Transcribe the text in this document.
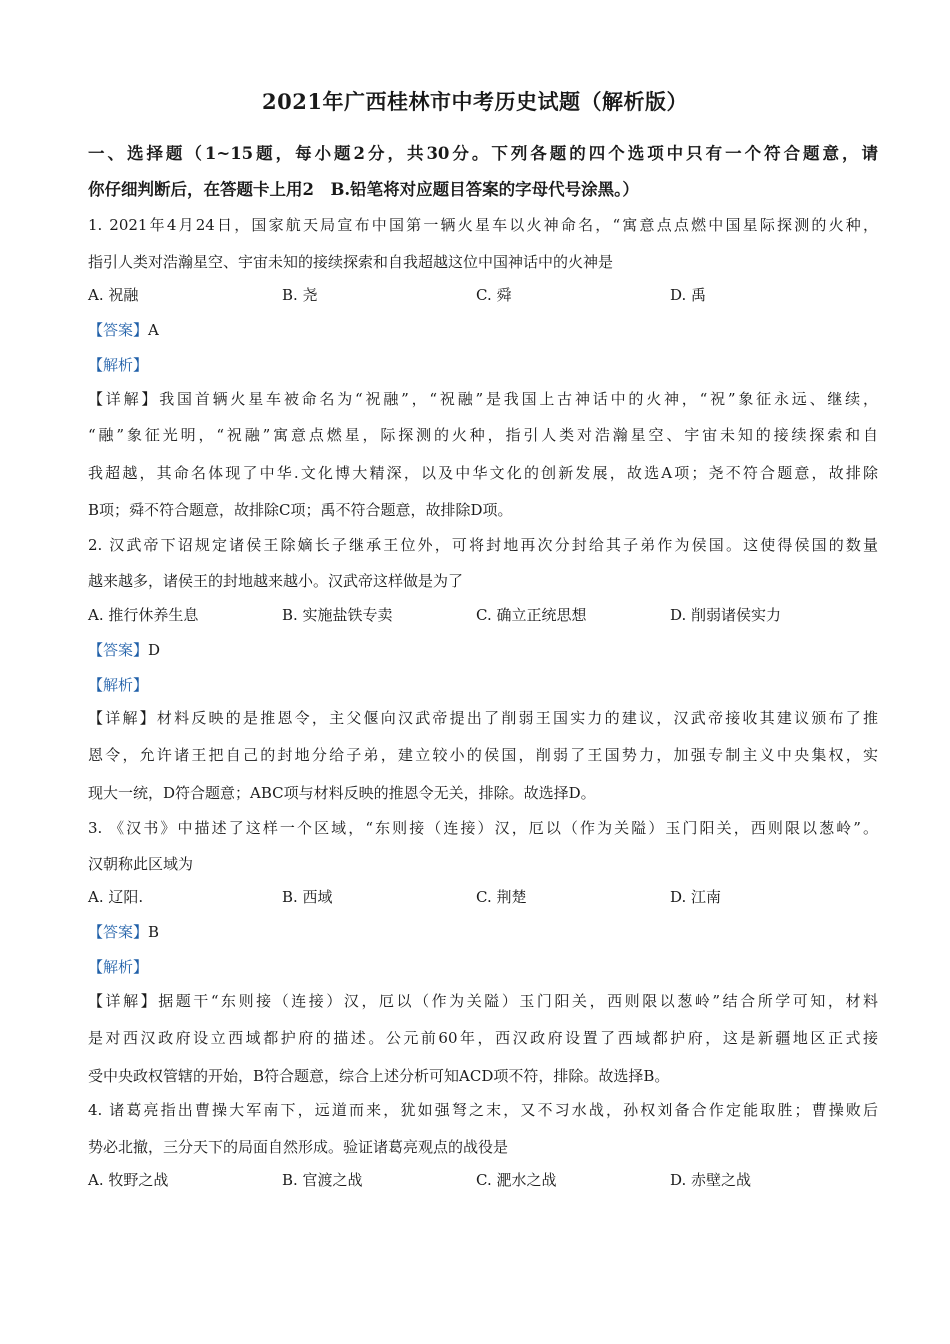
2021年广西桂林市中考历史试题（解析版）
一、选择题（1~15题，每小题2分，共30分。下列各题的四个选项中只有一个符合题意，请
你仔细判断后，在答题卡上用2　B.铅笔将对应题目答案的字母代号涂黑。）
1. 2021年4月24日，国家航天局宣布中国第一辆火星车以火神命名，“寓意点点燃中国星际探测的火种，
指引人类对浩瀚星空、宇宙未知的接续探索和自我超越这位中国神话中的火神是
A. 祝融	B. 尧	C. 舜	D. 禹
【答案】A
【解析】
【详解】我国首辆火星车被命名为“祝融”，“祝融”是我国上古神话中的火神，“祝”象征永远、继续，
“融”象征光明，“祝融”寓意点燃星，际探测的火种，指引人类对浩瀚星空、宇宙未知的接续探索和自
我超越，其命名体现了中华.文化博大精深，以及中华文化的创新发展，故选A项；尧不符合题意，故排除
B项；舜不符合题意，故排除C项；禹不符合题意，故排除D项。
2. 汉武帝下诏规定诸侯王除嫡长子继承王位外，可将封地再次分封给其子弟作为侯国。这使得侯国的数量
越来越多，诸侯王的封地越来越小。汉武帝这样做是为了
A. 推行休养生息	B. 实施盐铁专卖	C. 确立正统思想	D. 削弱诸侯实力
【答案】D
【解析】
【详解】材料反映的是推恩令，主父偃向汉武帝提出了削弱王国实力的建议，汉武帝接收其建议颁布了推
恩令，允许诸王把自己的封地分给子弟，建立较小的侯国，削弱了王国势力，加强专制主义中央集权，实
现大一统，D符合题意；ABC项与材料反映的推恩令无关，排除。故选择D。
3. 《汉书》中描述了这样一个区域，“东则接（连接）汉，厄以（作为关隘）玉门阳关，西则限以葱岭”。
汉朝称此区域为
A. 辽阳.	B. 西域	C. 荆楚	D. 江南
【答案】B
【解析】
【详解】据题干“东则接（连接）汉，厄以（作为关隘）玉门阳关，西则限以葱岭”结合所学可知，材料
是对西汉政府设立西域都护府的描述。公元前60年，西汉政府设置了西域都护府，这是新疆地区正式接
受中央政权管辖的开始，B符合题意，综合上述分析可知ACD项不符，排除。故选择B。
4. 诸葛亮指出曹操大军南下，远道而来，犹如强弩之末，又不习水战，孙权刘备合作定能取胜；曹操败后
势必北撤，三分天下的局面自然形成。验证诸葛亮观点的战役是
A. 牧野之战	B. 官渡之战	C. 淝水之战	D. 赤壁之战
